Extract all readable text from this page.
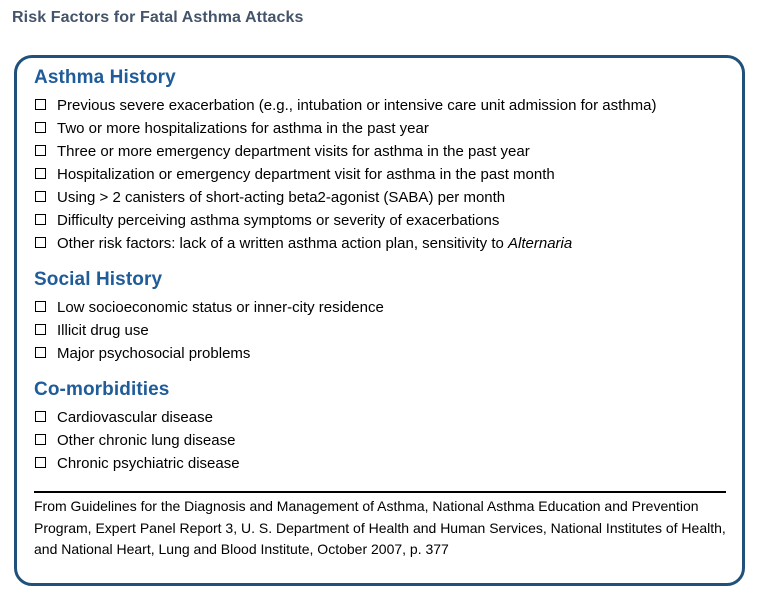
Risk Factors for Fatal Asthma Attacks
Asthma History
Previous severe exacerbation (e.g., intubation or intensive care unit admission for asthma)
Two or more hospitalizations for asthma in the past year
Three or more emergency department visits for asthma in the past year
Hospitalization or emergency department visit for asthma in the past month
Using > 2 canisters of short-acting beta2-agonist (SABA) per month
Difficulty perceiving asthma symptoms or severity of exacerbations
Other risk factors: lack of a written asthma action plan, sensitivity to Alternaria
Social History
Low socioeconomic status or inner-city residence
Illicit drug use
Major psychosocial problems
Co-morbidities
Cardiovascular disease
Other chronic lung disease
Chronic psychiatric disease
From Guidelines for the Diagnosis and Management of Asthma, National Asthma Education and Prevention Program, Expert Panel Report 3, U. S. Department of Health and Human Services, National Institutes of Health, and National Heart, Lung and Blood Institute, October 2007, p. 377
